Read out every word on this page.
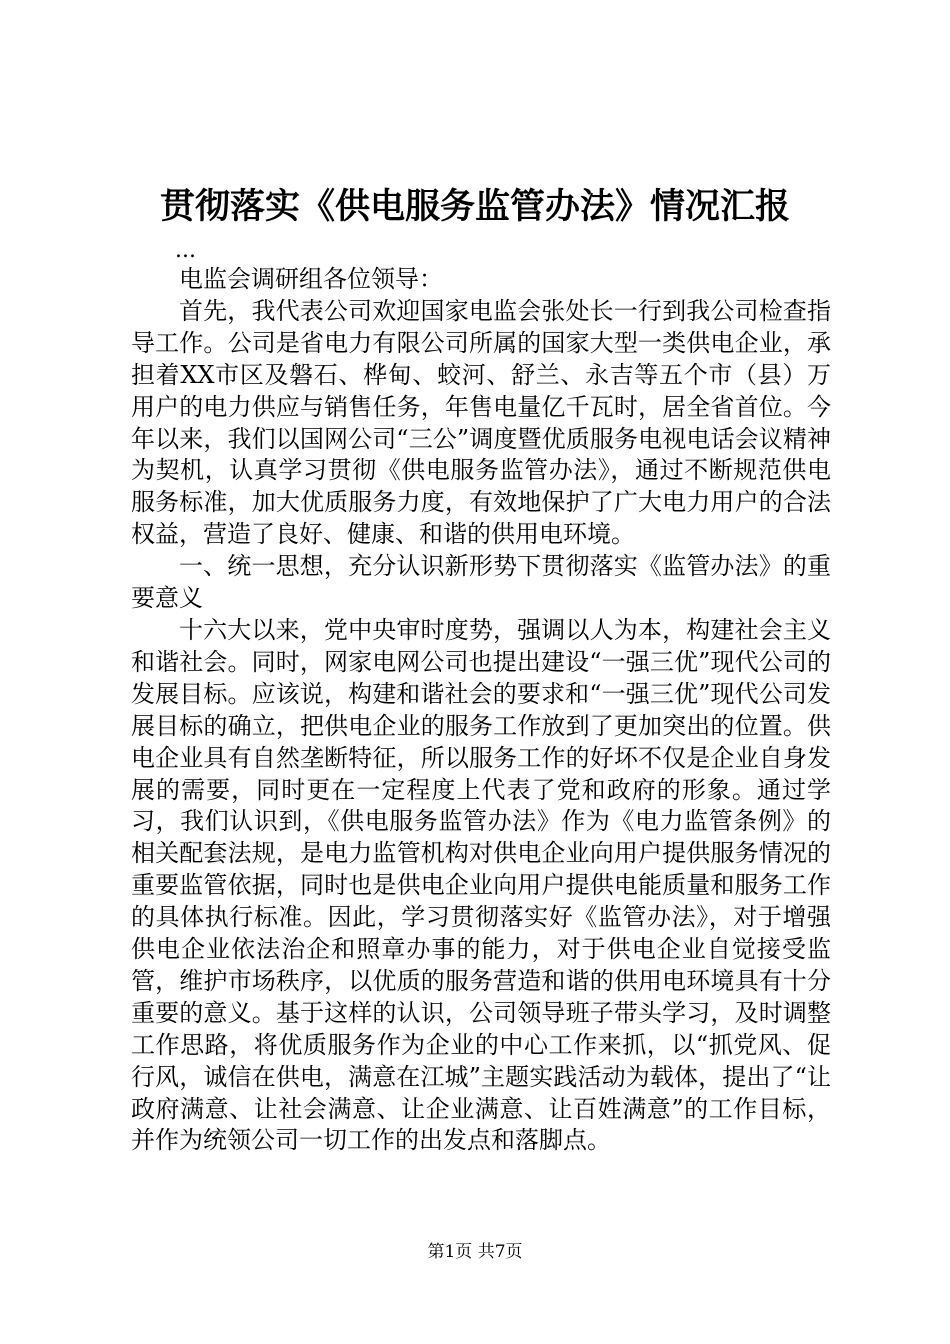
贯彻落实《供电服务监管办法》情况汇报
...

电监会调研组各位领导：

首先，我代表公司欢迎国家电监会张处长一行到我公司检查指导工作。公司是省电力有限公司所属的国家大型一类供电企业，承担着XX市区及磐石、桦甸、蛟河、舒兰、永吉等五个市（县）万用户的电力供应与销售任务，年售电量亿千瓦时，居全省首位。今年以来，我们以国网公司“三公”调度暨优质服务电视电话会议精神为契机，认真学习贯彻《供电服务监管办法》，通过不断规范供电服务标准，加大优质服务力度，有效地保护了广大电力用户的合法权益，营造了良好、健康、和谐的供用电环境。

一、统一思想，充分认识新形势下贯彻落实《监管办法》的重要意义

十六大以来，党中央审时度势，强调以人为本，构建社会主义和谐社会。同时，网家电网公司也提出建设“一强三优”现代公司的发展目标。应该说，构建和谐社会的要求和“一强三优”现代公司发展目标的确立，把供电企业的服务工作放到了更加突出的位置。供电企业具有自然垄断特征，所以服务工作的好坏不仅是企业自身发展的需要，同时更在一定程度上代表了党和政府的形象。通过学习，我们认识到，《供电服务监管办法》作为《电力监管条例》的相关配套法规，是电力监管机构对供电企业向用户提供服务情况的重要监管依据，同时也是供电企业向用户提供电能质量和服务工作的具体执行标准。因此，学习贯彻落实好《监管办法》，对于增强供电企业依法治企和照章办事的能力，对于供电企业自觉接受监管，维护市场秩序，以优质的服务营造和谐的供用电环境具有十分重要的意义。基于这样的认识，公司领导班子带头学习，及时调整工作思路，将优质服务作为企业的中心工作来抓，以“抓党风、促行风，诚信在供电，满意在江城”主题实践活动为载体，提出了“让政府满意、让社会满意、让企业满意、让百姓满意”的工作目标，并作为统领公司一切工作的出发点和落脚点。

第1页 共7页
